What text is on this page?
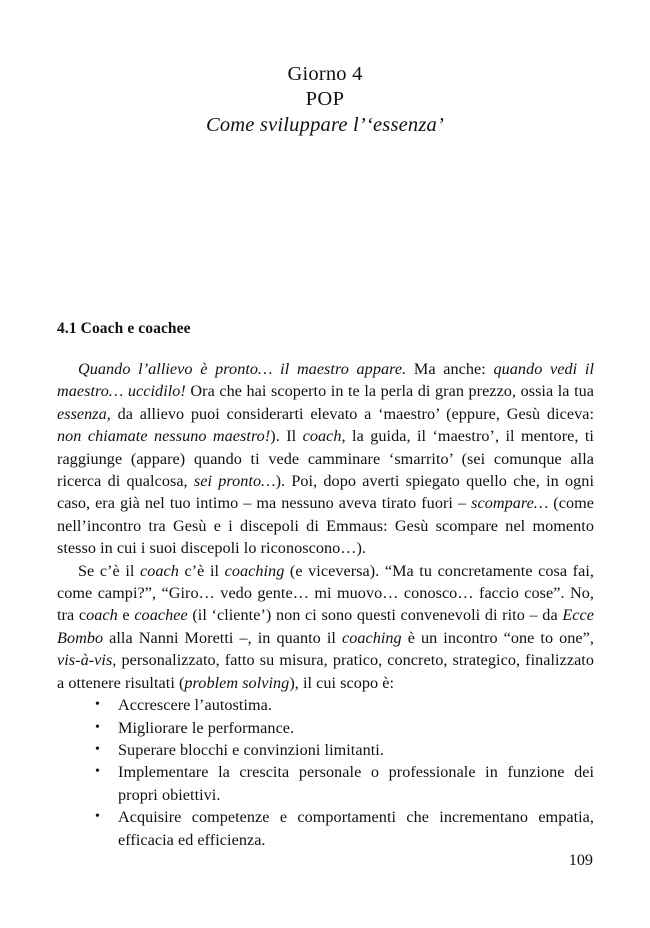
Giorno 4
POP
Come sviluppare l’‘essenza’
4.1 Coach e coachee

Quando l’allievo è pronto… il maestro appare. Ma anche: quando vedi il maestro… uccidilo! Ora che hai scoperto in te la perla di gran prezzo, ossia la tua essenza, da allievo puoi considerarti elevato a ‘maestro’ (eppure, Gesù diceva: non chiamate nessuno maestro!). Il coach, la guida, il ‘maestro’, il mentore, ti raggiunge (appare) quando ti vede camminare ‘smarrito’ (sei comunque alla ricerca di qualcosa, sei pronto…). Poi, dopo averti spiegato quello che, in ogni caso, era già nel tuo intimo – ma nessuno aveva tirato fuori – scompare… (come nell’incontro tra Gesù e i discepoli di Emmaus: Gesù scompare nel momento stesso in cui i suoi discepoli lo riconoscono…).

Se c’è il coach c’è il coaching (e viceversa). “Ma tu concretamente cosa fai, come campi?”, “Giro… vedo gente… mi muovo… conosco… faccio cose”. No, tra coach e coachee (il ‘cliente’) non ci sono questi convenevoli di rito – da Ecce Bombo alla Nanni Moretti –, in quanto il coaching è un incontro “one to one”, vis-à-vis, personalizzato, fatto su misura, pratico, concreto, strategico, finalizzato a ottenere risultati (problem solving), il cui scopo è:

• Accrescere l’autostima.
• Migliorare le performance.
• Superare blocchi e convinzioni limitanti.
• Implementare la crescita personale o professionale in funzione dei propri obiettivi.
• Acquisire competenze e comportamenti che incrementano empatia, efficacia ed efficienza.
109
